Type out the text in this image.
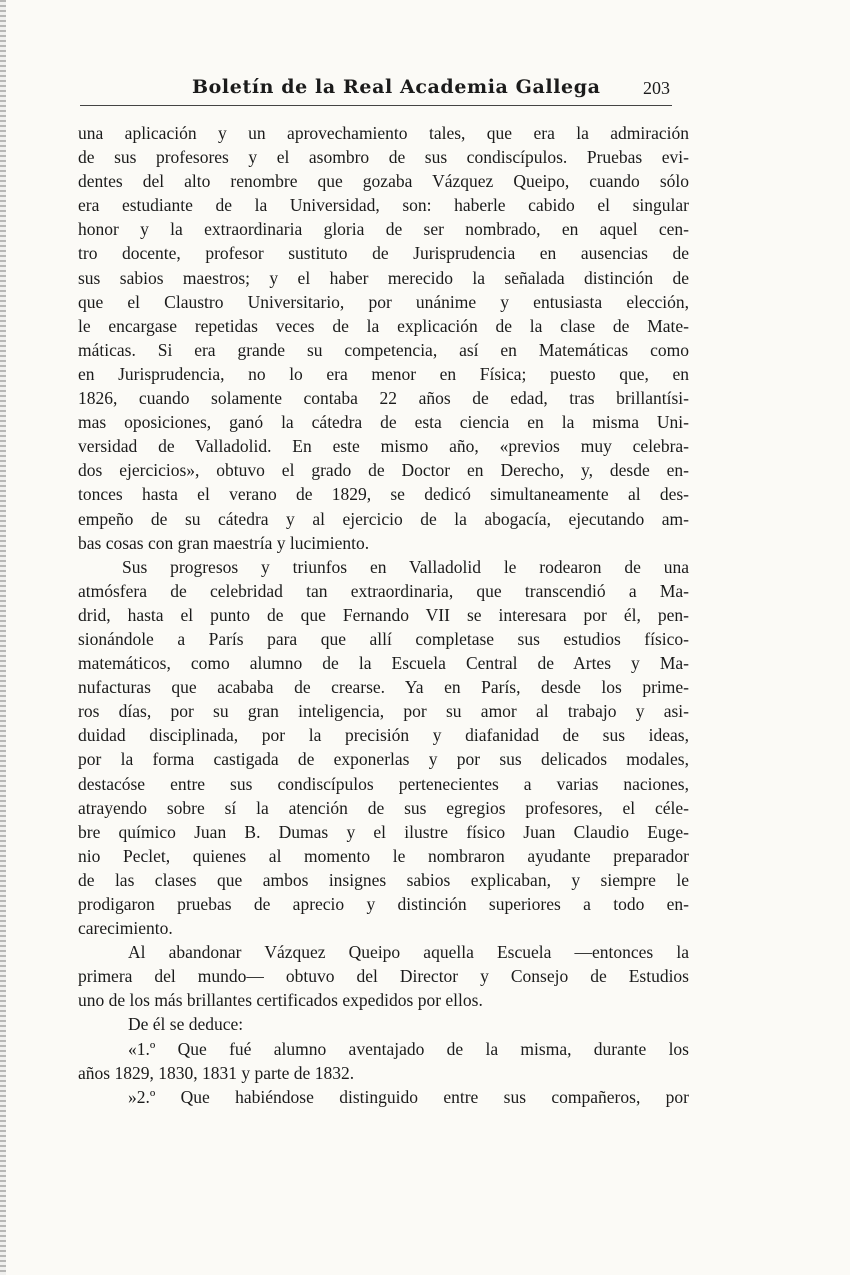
Boletín de la Real Academia Gallega 203
una aplicación y un aprovechamiento tales, que era la admiración
de sus profesores y el asombro de sus condiscípulos. Pruebas evi-
dentes del alto renombre que gozaba Vázquez Queipo, cuando sólo
era estudiante de la Universidad, son: haberle cabido el singular
honor y la extraordinaria gloria de ser nombrado, en aquel cen-
tro docente, profesor sustituto de Jurisprudencia en ausencias de
sus sabios maestros; y el haber merecido la señalada distinción de
que el Claustro Universitario, por unánime y entusiasta elección,
le encargase repetidas veces de la explicación de la clase de Mate-
máticas. Si era grande su competencia, así en Matemáticas como
en Jurisprudencia, no lo era menor en Física; puesto que, en
1826, cuando solamente contaba 22 años de edad, tras brillantísi-
mas oposiciones, ganó la cátedra de esta ciencia en la misma Uni-
versidad de Valladolid. En este mismo año, «previos muy celebra-
dos ejercicios», obtuvo el grado de Doctor en Derecho, y, desde en-
tonces hasta el verano de 1829, se dedicó simultaneamente al des-
empeño de su cátedra y al ejercicio de la abogacía, ejecutando am-
bas cosas con gran maestría y lucimiento.
Sus progresos y triunfos en Valladolid le rodearon de una
atmósfera de celebridad tan extraordinaria, que transcendió a Ma-
drid, hasta el punto de que Fernando VII se interesara por él, pen-
sionándole a París para que allí completase sus estudios físico-
matemáticos, como alumno de la Escuela Central de Artes y Ma-
nufacturas que acababa de crearse. Ya en París, desde los prime-
ros días, por su gran inteligencia, por su amor al trabajo y asi-
duidad disciplinada, por la precisión y diafanidad de sus ideas,
por la forma castigada de exponerlas y por sus delicados modales,
destacóse entre sus condiscípulos pertenecientes a varias naciones,
atrayendo sobre sí la atención de sus egregios profesores, el céle-
bre químico Juan B. Dumas y el ilustre físico Juan Claudio Euge-
nio Peclet, quienes al momento le nombraron ayudante preparador
de las clases que ambos insignes sabios explicaban, y siempre le
prodigaron pruebas de aprecio y distinción superiores a todo en-
carecimiento.
Al abandonar Vázquez Queipo aquella Escuela —entonces la
primera del mundo— obtuvo del Director y Consejo de Estudios
uno de los más brillantes certificados expedidos por ellos.
De él se deduce:
«1.º Que fué alumno aventajado de la misma, durante los
años 1829, 1830, 1831 y parte de 1832.
»2.º Que habiéndose distinguido entre sus compañeros, por
